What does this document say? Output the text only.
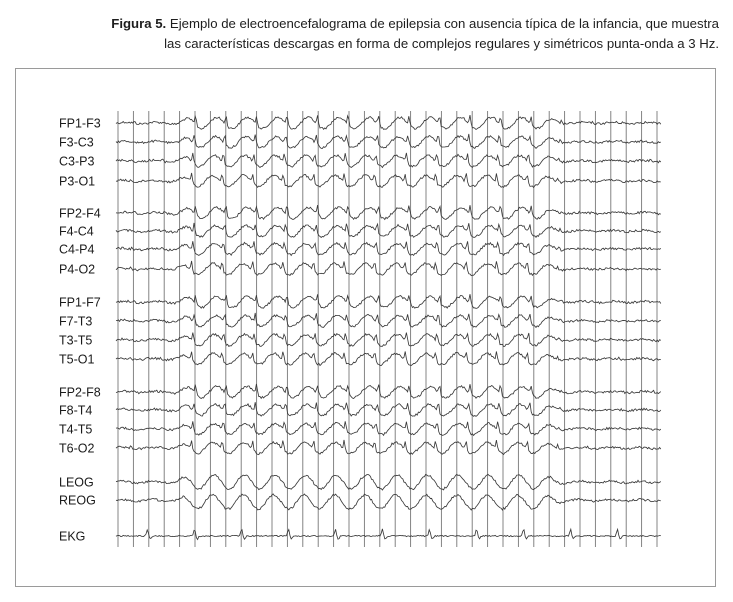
Figura 5. Ejemplo de electroencefalograma de epilepsia con ausencia típica de la infancia, que muestra
las características descargas en forma de complejos regulares y simétricos punta-onda a 3 Hz.
FP1-F3
F3-C3
C3-P3
P3-O1
FP2-F4
F4-C4
C4-P4
P4-O2
FP1-F7
F7-T3
T3-T5
T5-O1
FP2-F8
F8-T4
T4-T5
T6-O2
LEOG
REOG
EKG
